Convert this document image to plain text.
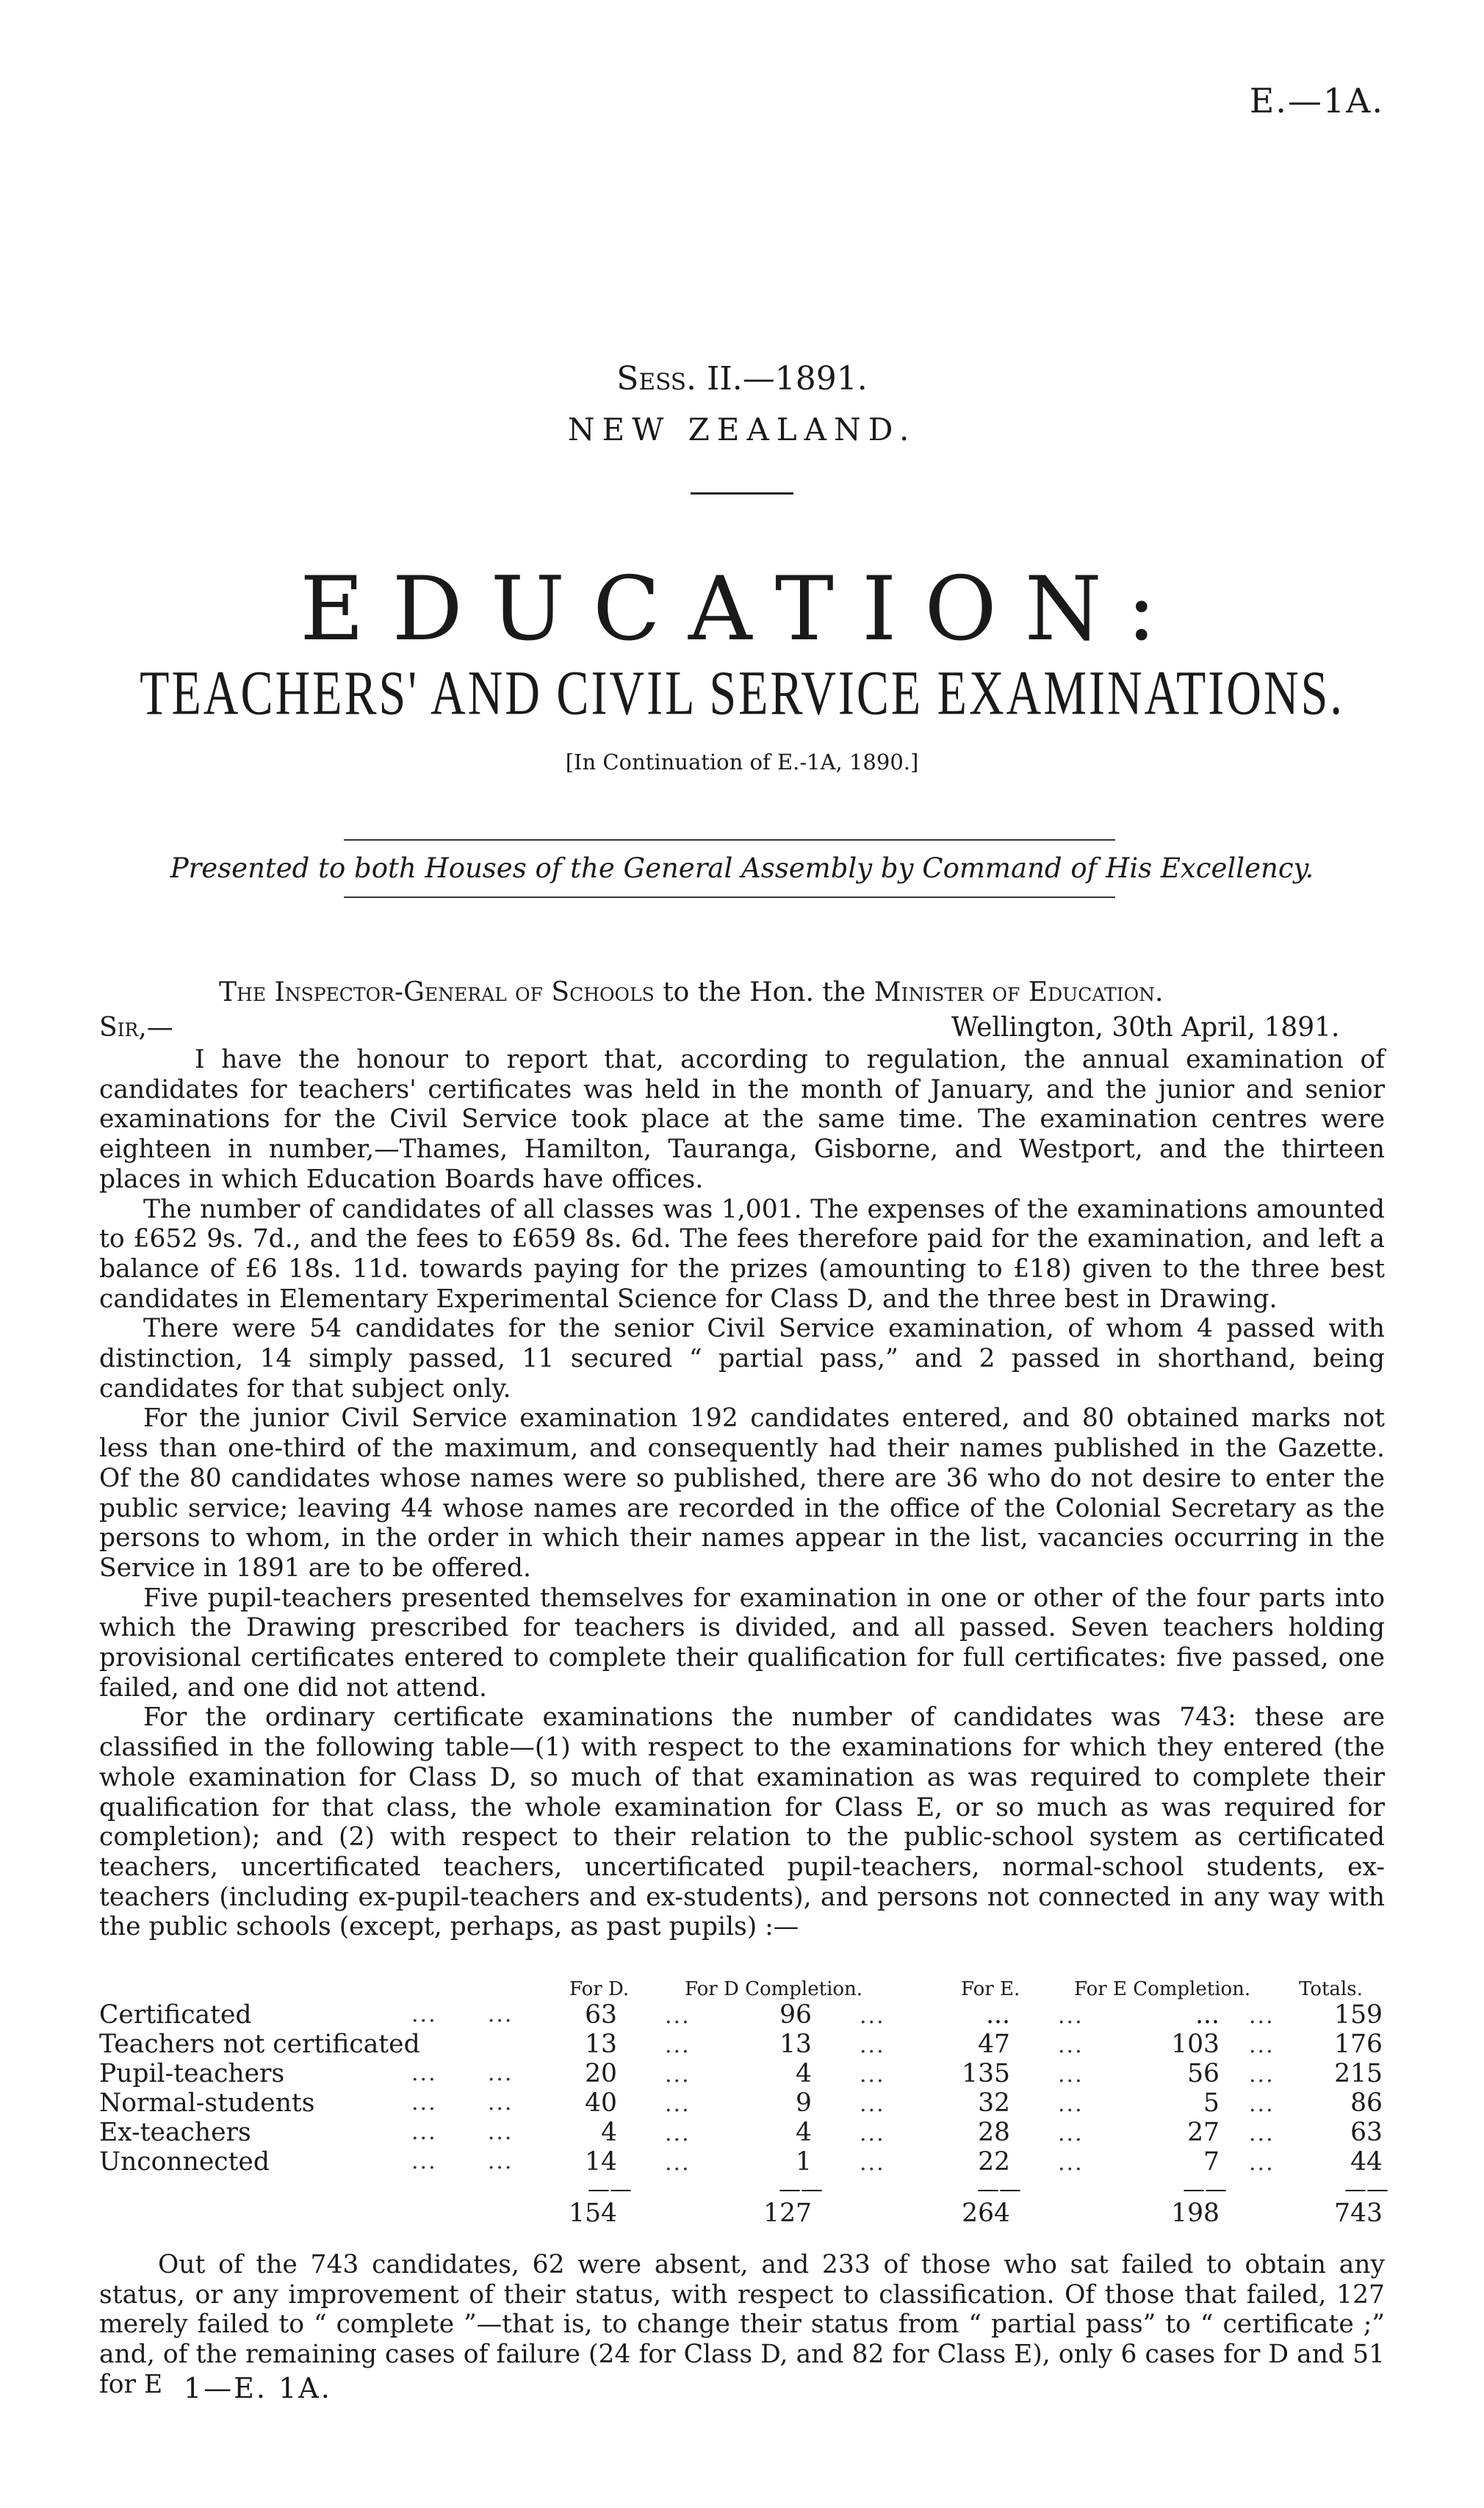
E.—1A.
Sess. II.—1891.
NEW ZEALAND.
EDUCATION:
TEACHERS' AND CIVIL SERVICE EXAMINATIONS.
[In Continuation of E.-1A, 1890.]
Presented to both Houses of the General Assembly by Command of His Excellency.
The Inspector-General of Schools to the Hon. the Minister of Education.
Sir,—	Wellington, 30th April, 1891.

I have the honour to report that, according to regulation, the annual examination of candidates for teachers' certificates was held in the month of January, and the junior and senior examinations for the Civil Service took place at the same time. The examination centres were eighteen in number,—Thames, Hamilton, Tauranga, Gisborne, and Westport, and the thirteen places in which Education Boards have offices.

The number of candidates of all classes was 1,001. The expenses of the examinations amounted to £652 9s. 7d., and the fees to £659 8s. 6d. The fees therefore paid for the examination, and left a balance of £6 18s. 11d. towards paying for the prizes (amounting to £18) given to the three best candidates in Elementary Experimental Science for Class D, and the three best in Drawing.

There were 54 candidates for the senior Civil Service examination, of whom 4 passed with distinction, 14 simply passed, 11 secured “ partial pass,” and 2 passed in shorthand, being candidates for that subject only.

For the junior Civil Service examination 192 candidates entered, and 80 obtained marks not less than one-third of the maximum, and consequently had their names published in the Gazette. Of the 80 candidates whose names were so published, there are 36 who do not desire to enter the public service; leaving 44 whose names are recorded in the office of the Colonial Secretary as the persons to whom, in the order in which their names appear in the list, vacancies occurring in the Service in 1891 are to be offered.

Five pupil-teachers presented themselves for examination in one or other of the four parts into which the Drawing prescribed for teachers is divided, and all passed. Seven teachers holding provisional certificates entered to complete their qualification for full certificates: five passed, one failed, and one did not attend.

For the ordinary certificate examinations the number of candidates was 743: these are classified in the following table—(1) with respect to the examinations for which they entered (the whole examination for Class D, so much of that examination as was required to complete their qualification for that class, the whole examination for Class E, or so much as was required for completion); and (2) with respect to their relation to the public-school system as certificated teachers, uncertificated teachers, uncertificated pupil-teachers, normal-school students, ex-teachers (including ex-pupil-teachers and ex-students), and persons not connected in any way with the public schools (except, perhaps, as past pupils) :—

For D.	For D Completion.	For E.	For E Completion.	Totals.
Certificated	...      ...	63	96	...	...	159
Teachers not certificated	13	13	47	103	176
Pupil-teachers	...      ...	20	4	135	56	215
Normal-students	...      ...	40	9	32	5	86
Ex-teachers	...      ...	4	4	28	27	63
Unconnected	...      ...	14	1	22	7	44
...
...
...
...
...
...
...
...
...
...
...
...
...
...
...
...
...
...
...
...
...
...
...
...
——	——	——	——	——
154	127	264	198	743

Out of the 743 candidates, 62 were absent, and 233 of those who sat failed to obtain any status, or any improvement of their status, with respect to classification. Of those that failed, 127 merely failed to “ complete ”—that is, to change their status from “ partial pass” to “ certificate ;” and, of the remaining cases of failure (24 for Class D, and 82 for Class E), only 6 cases for D and 51 for E 1—E. 1A.
